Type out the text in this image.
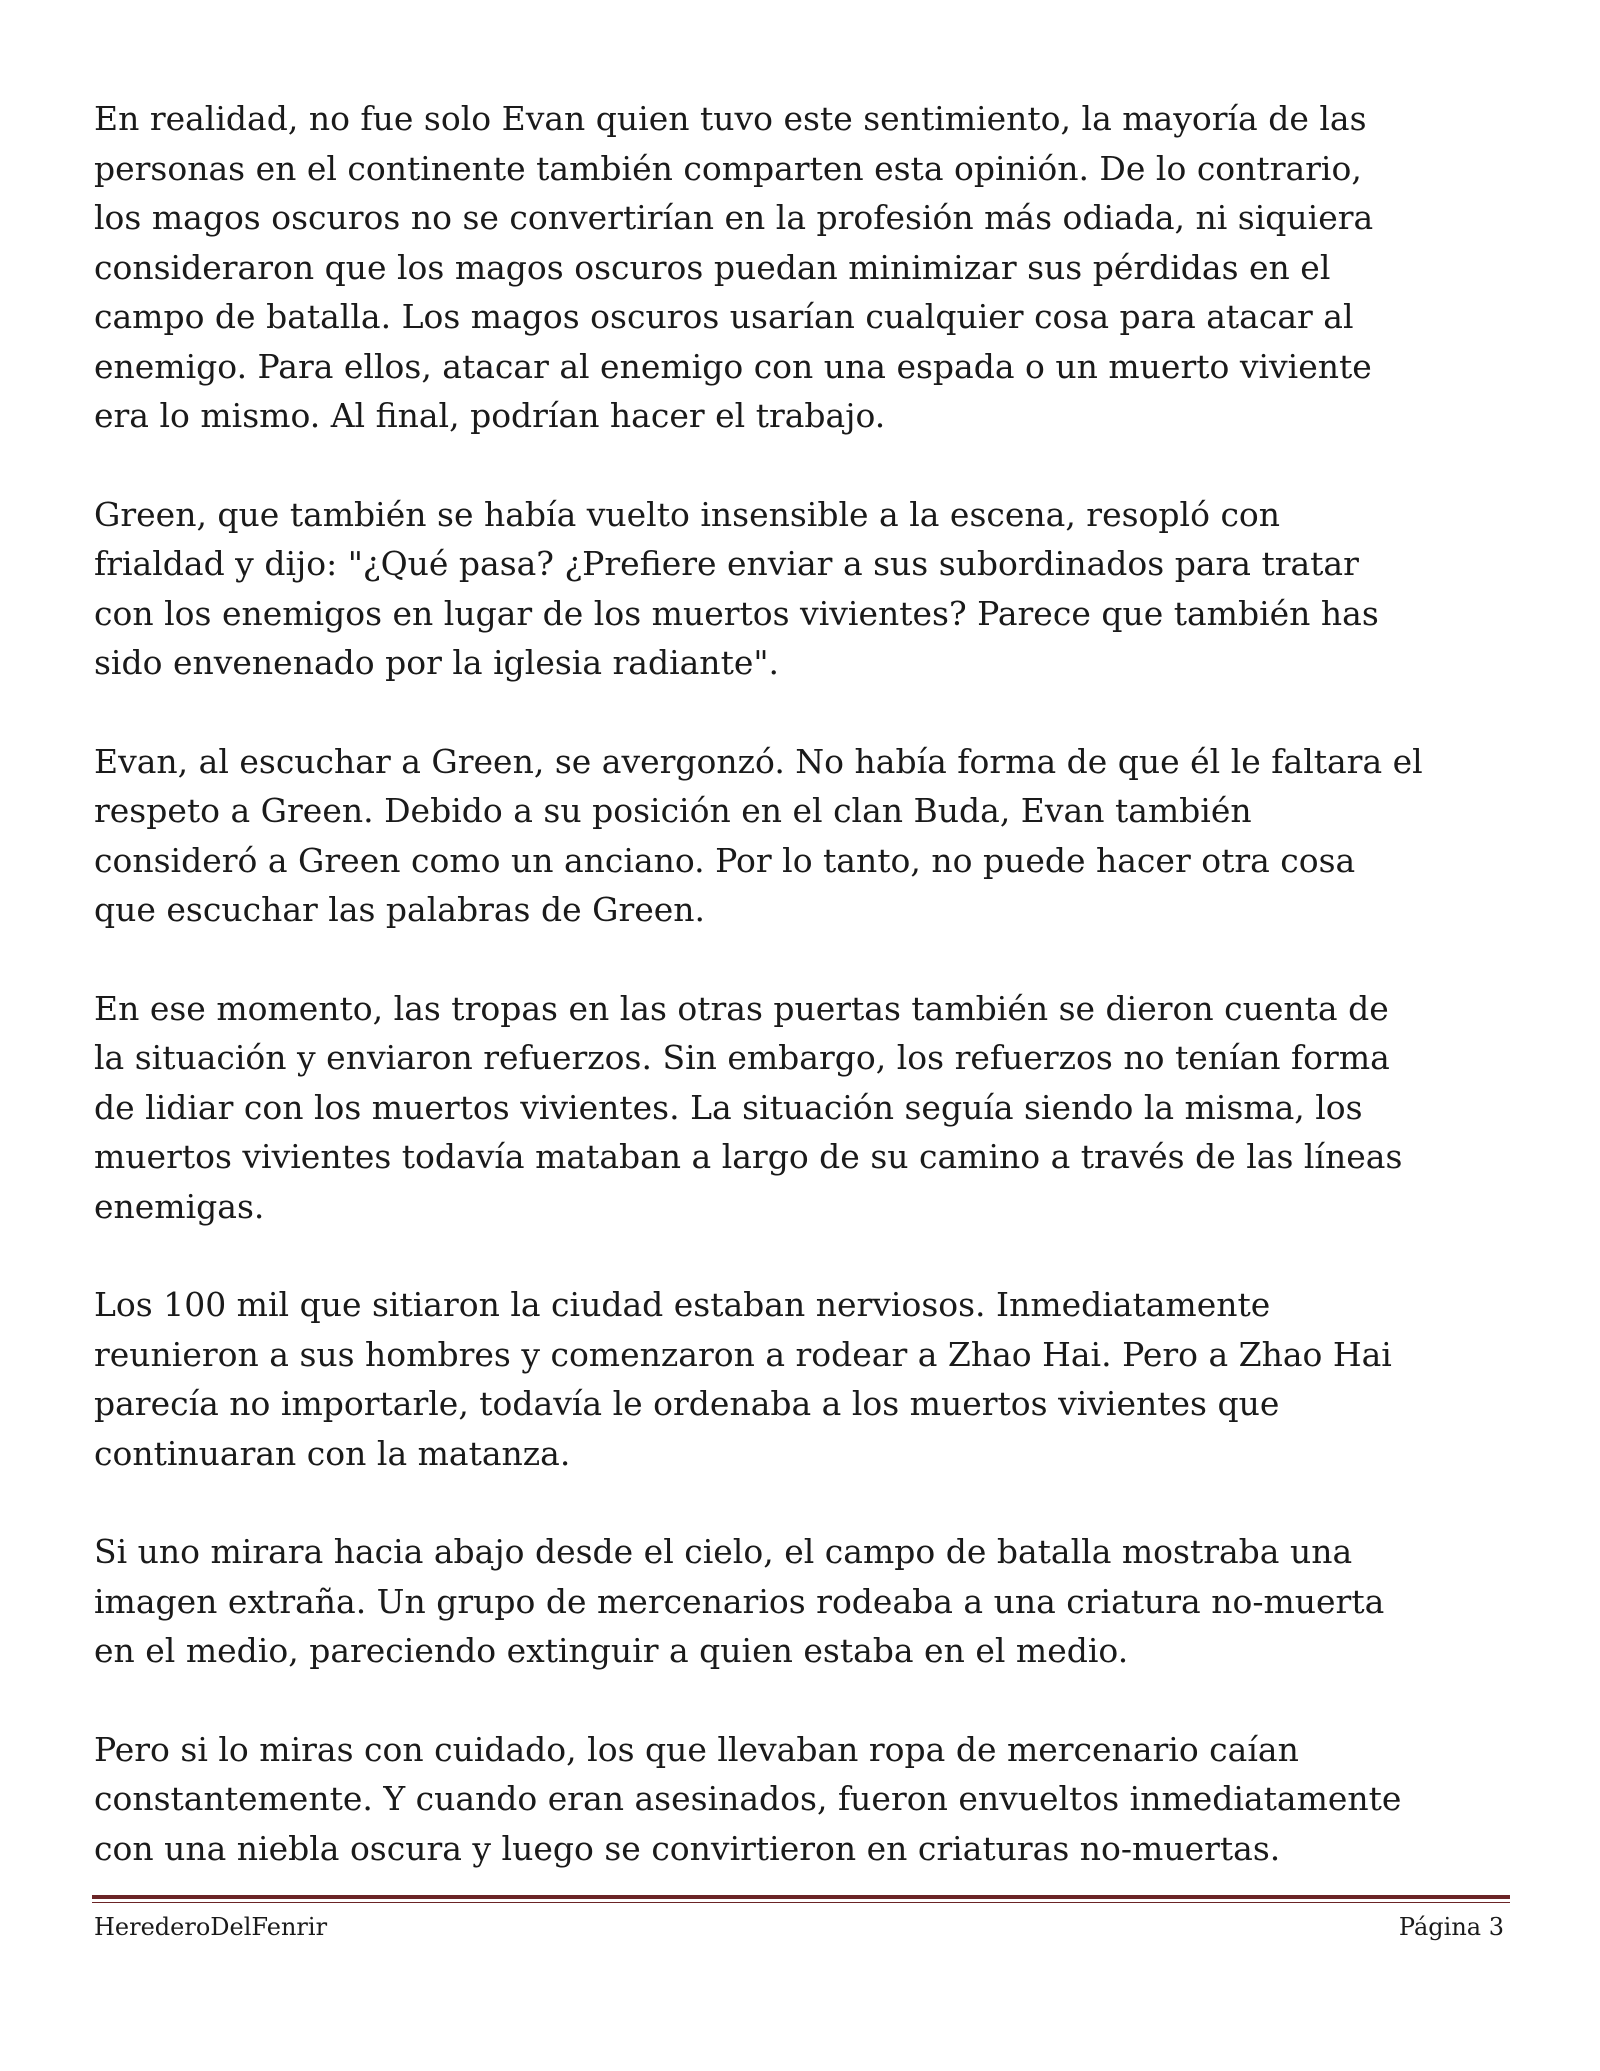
En realidad, no fue solo Evan quien tuvo este sentimiento, la mayoría de las
personas en el continente también comparten esta opinión. De lo contrario,
los magos oscuros no se convertirían en la profesión más odiada, ni siquiera
consideraron que los magos oscuros puedan minimizar sus pérdidas en el
campo de batalla. Los magos oscuros usarían cualquier cosa para atacar al
enemigo. Para ellos, atacar al enemigo con una espada o un muerto viviente
era lo mismo. Al final, podrían hacer el trabajo.

Green, que también se había vuelto insensible a la escena, resopló con
frialdad y dijo: "¿Qué pasa? ¿Prefiere enviar a sus subordinados para tratar
con los enemigos en lugar de los muertos vivientes? Parece que también has
sido envenenado por la iglesia radiante".

Evan, al escuchar a Green, se avergonzó. No había forma de que él le faltara el
respeto a Green. Debido a su posición en el clan Buda, Evan también
consideró a Green como un anciano. Por lo tanto, no puede hacer otra cosa
que escuchar las palabras de Green.

En ese momento, las tropas en las otras puertas también se dieron cuenta de
la situación y enviaron refuerzos. Sin embargo, los refuerzos no tenían forma
de lidiar con los muertos vivientes. La situación seguía siendo la misma, los
muertos vivientes todavía mataban a largo de su camino a través de las líneas
enemigas.

Los 100 mil que sitiaron la ciudad estaban nerviosos. Inmediatamente
reunieron a sus hombres y comenzaron a rodear a Zhao Hai. Pero a Zhao Hai
parecía no importarle, todavía le ordenaba a los muertos vivientes que
continuaran con la matanza.

Si uno mirara hacia abajo desde el cielo, el campo de batalla mostraba una
imagen extraña. Un grupo de mercenarios rodeaba a una criatura no-muerta
en el medio, pareciendo extinguir a quien estaba en el medio.

Pero si lo miras con cuidado, los que llevaban ropa de mercenario caían
constantemente. Y cuando eran asesinados, fueron envueltos inmediatamente
con una niebla oscura y luego se convirtieron en criaturas no-muertas.

HerederoDelFenrir	Página 3
